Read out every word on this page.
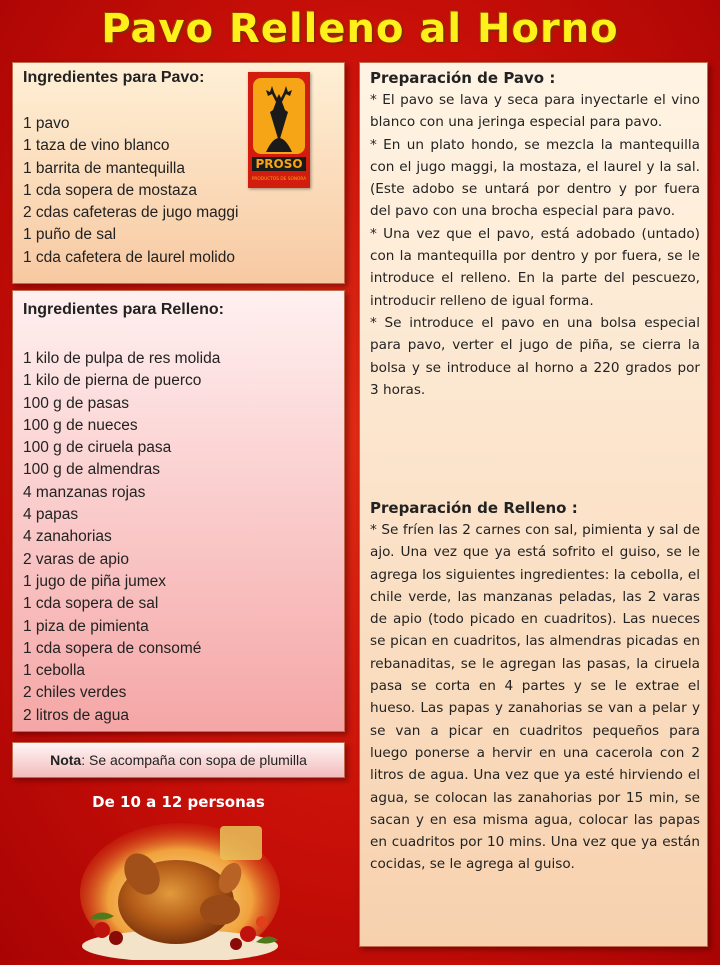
Pavo Relleno al Horno
Ingredientes para Pavo:
1 pavo
1 taza de vino blanco
1 barrita de mantequilla
1 cda sopera de mostaza
2 cdas cafeteras de jugo maggi
1 puño de sal
1 cda cafetera de laurel molido
PROSO
PRODUCTOS DE SONORA
Ingredientes para Relleno:
1 kilo de pulpa de res molida
1 kilo de pierna de puerco
100 g de pasas
100 g de nueces
100 g de ciruela pasa
100 g de almendras
4 manzanas rojas
4 papas
4 zanahorias
2 varas de apio
1 jugo de piña jumex
1 cda sopera de sal
1 piza de pimienta
1 cda sopera de consomé
1 cebolla
2 chiles verdes
2 litros de agua
Nota: Se acompaña con sopa de plumilla
De 10 a 12 personas
Preparación de Pavo :

* El pavo se lava y seca para inyectarle el vino blanco con una jeringa especial para pavo.
* En un plato hondo, se mezcla la mantequilla con el jugo maggi, la mostaza, el laurel y la sal. (Este adobo se untará por dentro y por fuera del pavo con una brocha especial para pavo.
* Una vez que el pavo, está adobado (untado) con la mantequilla por dentro y por fuera, se le introduce el relleno. En la parte del pescuezo, introducir relleno de igual forma.
* Se introduce el pavo en una bolsa especial para pavo, verter el jugo de piña, se cierra la bolsa y se introduce al horno a 220 grados por 3 horas.

Preparación de Relleno :

* Se fríen las 2 carnes con sal, pimienta y sal de ajo. Una vez que ya está sofrito el guiso, se le agrega los siguientes ingredientes: la cebolla, el chile verde, las manzanas peladas, las 2 varas de apio (todo picado en cuadritos). Las nueces se pican en cuadritos, las almendras picadas en rebanaditas, se le agregan las pasas, la ciruela pasa se corta en 4 partes y se le extrae el hueso. Las papas y zanahorias se van a pelar y se van a picar en cuadritos pequeños para luego ponerse a hervir en una cacerola con 2 litros de agua. Una vez que ya esté hirviendo el agua, se colocan las zanahorias por 15 min, se sacan y en esa misma agua, colocar las papas en cuadritos por 10 mins. Una vez que ya están cocidas, se le agrega al guiso.
